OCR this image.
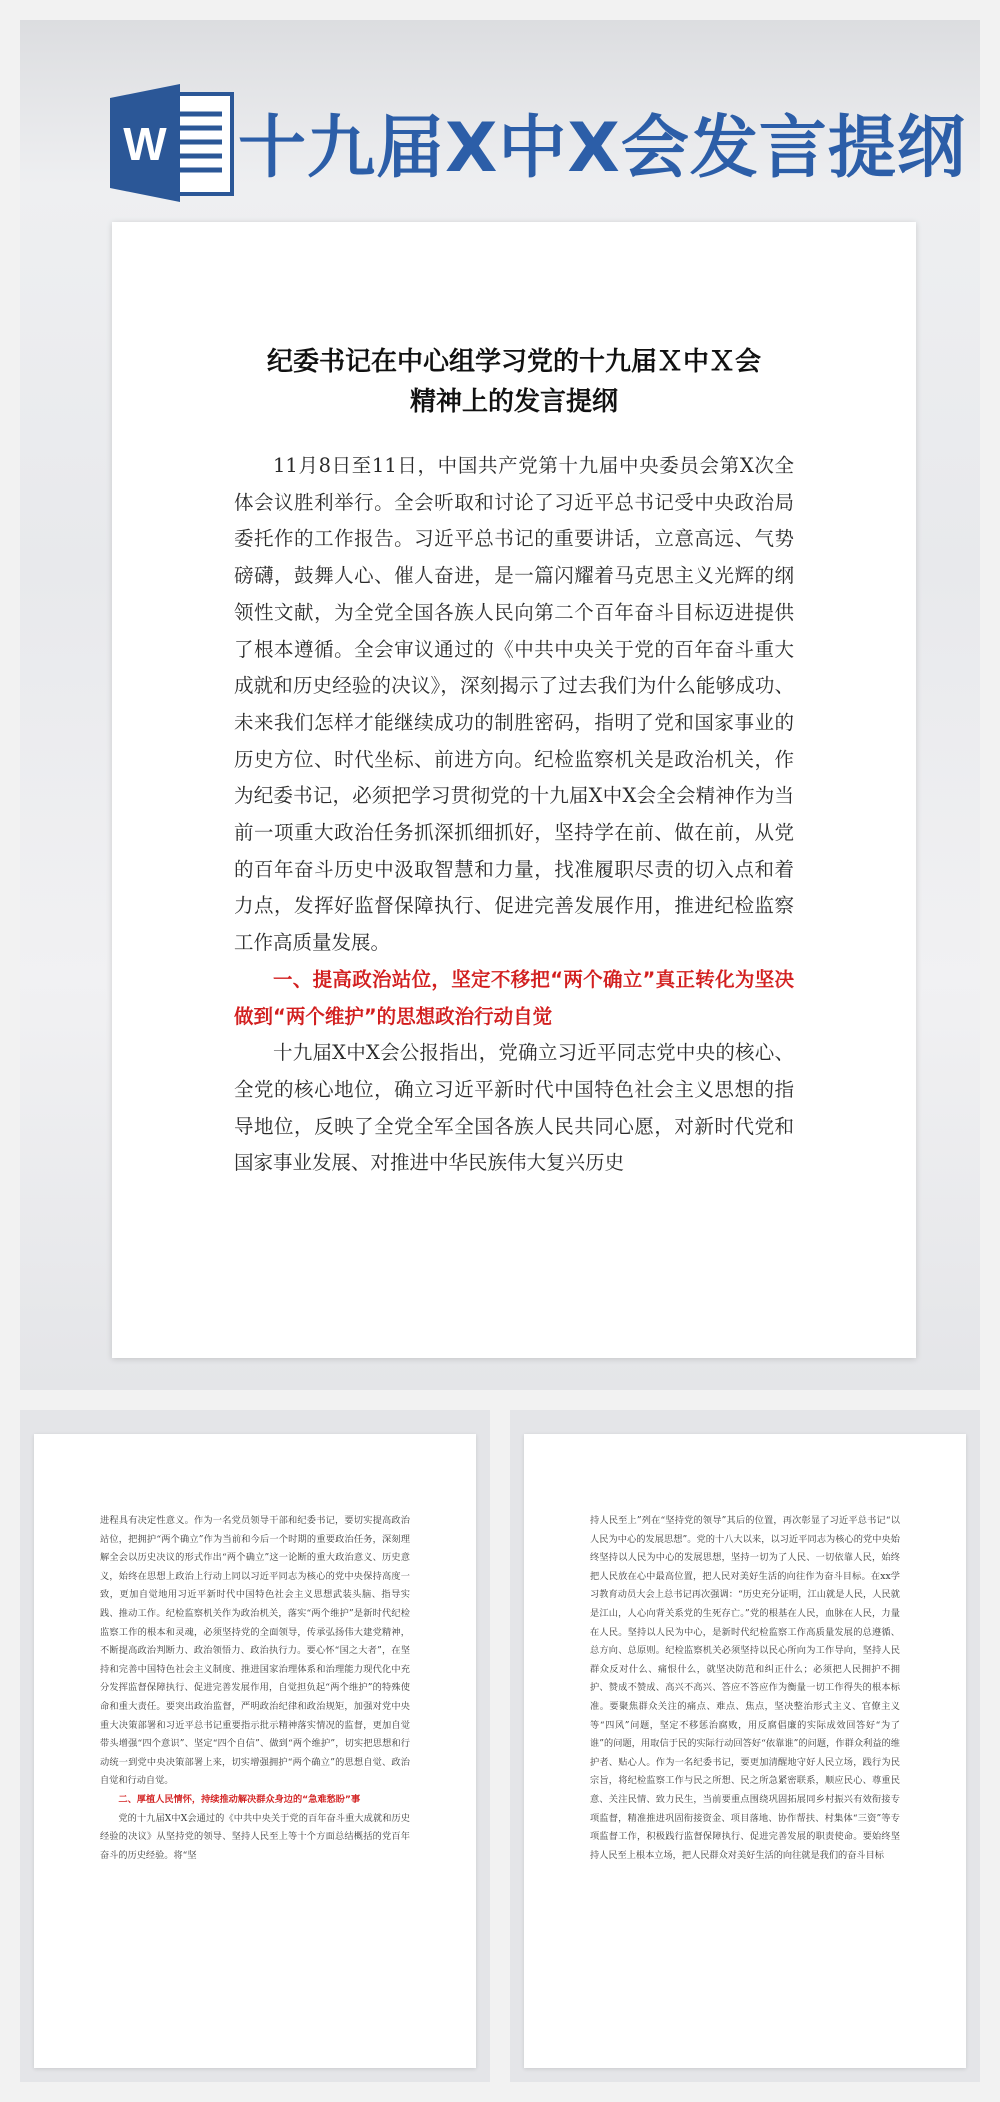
W 十九届X中X会发言提纲
纪委书记在中心组学习党的十九届Ｘ中Ｘ会
精神上的发言提纲

11月8日至11日，中国共产党第十九届中央委员会第X次全体会议胜利举行。全会听取和讨论了习近平总书记受中央政治局委托作的工作报告。习近平总书记的重要讲话，立意高远、气势磅礴，鼓舞人心、催人奋进，是一篇闪耀着马克思主义光辉的纲领性文献，为全党全国各族人民向第二个百年奋斗目标迈进提供了根本遵循。全会审议通过的《中共中央关于党的百年奋斗重大成就和历史经验的决议》，深刻揭示了过去我们为什么能够成功、未来我们怎样才能继续成功的制胜密码，指明了党和国家事业的历史方位、时代坐标、前进方向。纪检监察机关是政治机关，作为纪委书记，必须把学习贯彻党的十九届X中X会全会精神作为当前一项重大政治任务抓深抓细抓好，坚持学在前、做在前，从党的百年奋斗历史中汲取智慧和力量，找准履职尽责的切入点和着力点，发挥好监督保障执行、促进完善发展作用，推进纪检监察工作高质量发展。

一、提高政治站位，坚定不移把“两个确立”真正转化为坚决做到“两个维护”的思想政治行动自觉

十九届X中X会公报指出，党确立习近平同志党中央的核心、全党的核心地位，确立习近平新时代中国特色社会主义思想的指导地位，反映了全党全军全国各族人民共同心愿，对新时代党和国家事业发展、对推进中华民族伟大复兴历史

进程具有决定性意义。作为一名党员领导干部和纪委书记，要切实提高政治站位，把拥护“两个确立”作为当前和今后一个时期的重要政治任务，深刻理解全会以历史决议的形式作出“两个确立”这一论断的重大政治意义、历史意义，始终在思想上政治上行动上同以习近平同志为核心的党中央保持高度一致，更加自觉地用习近平新时代中国特色社会主义思想武装头脑、指导实践、推动工作。纪检监察机关作为政治机关，落实“两个维护”是新时代纪检监察工作的根本和灵魂，必须坚持党的全面领导，传承弘扬伟大建党精神，不断提高政治判断力、政治领悟力、政治执行力。要心怀“国之大者”，在坚持和完善中国特色社会主义制度、推进国家治理体系和治理能力现代化中充分发挥监督保障执行、促进完善发展作用，自觉担负起“两个维护”的特殊使命和重大责任。要突出政治监督，严明政治纪律和政治规矩，加强对党中央重大决策部署和习近平总书记重要指示批示精神落实情况的监督，更加自觉带头增强“四个意识”、坚定“四个自信”、做到“两个维护”，切实把思想和行动统一到党中央决策部署上来，切实增强拥护“两个确立”的思想自觉、政治自觉和行动自觉。

二、厚植人民情怀，持续推动解决群众身边的“急难愁盼”事

党的十九届X中X会通过的《中共中央关于党的百年奋斗重大成就和历史经验的决议》从坚持党的领导、坚持人民至上等十个方面总结概括的党百年奋斗的历史经验。将“坚

持人民至上”列在“坚持党的领导”其后的位置，再次彰显了习近平总书记“以人民为中心的发展思想”。党的十八大以来，以习近平同志为核心的党中央始终坚持以人民为中心的发展思想，坚持一切为了人民、一切依靠人民，始终把人民放在心中最高位置，把人民对美好生活的向往作为奋斗目标。在xx学习教育动员大会上总书记再次强调：“历史充分证明，江山就是人民，人民就是江山，人心向背关系党的生死存亡。”党的根基在人民，血脉在人民，力量在人民。坚持以人民为中心，是新时代纪检监察工作高质量发展的总遵循、总方向、总原则。纪检监察机关必须坚持以民心所向为工作导向，坚持人民群众反对什么、痛恨什么，就坚决防范和纠正什么；必须把人民拥护不拥护、赞成不赞成、高兴不高兴、答应不答应作为衡量一切工作得失的根本标准。要聚焦群众关注的痛点、难点、焦点，坚决整治形式主义、官僚主义等“四风”问题，坚定不移惩治腐败，用反腐倡廉的实际成效回答好“为了谁”的问题，用取信于民的实际行动回答好“依靠谁”的问题，作群众利益的维护者、贴心人。作为一名纪委书记，要更加清醒地守好人民立场，践行为民宗旨，将纪检监察工作与民之所想、民之所急紧密联系，顺应民心、尊重民意、关注民情、致力民生，当前要重点围绕巩固拓展同乡村振兴有效衔接专项监督，精准推进巩固衔接资金、项目落地、协作帮扶、村集体“三资”等专项监督工作，积极践行监督保障执行、促进完善发展的职责使命。要始终坚持人民至上根本立场，把人民群众对美好生活的向往就是我们的奋斗目标
